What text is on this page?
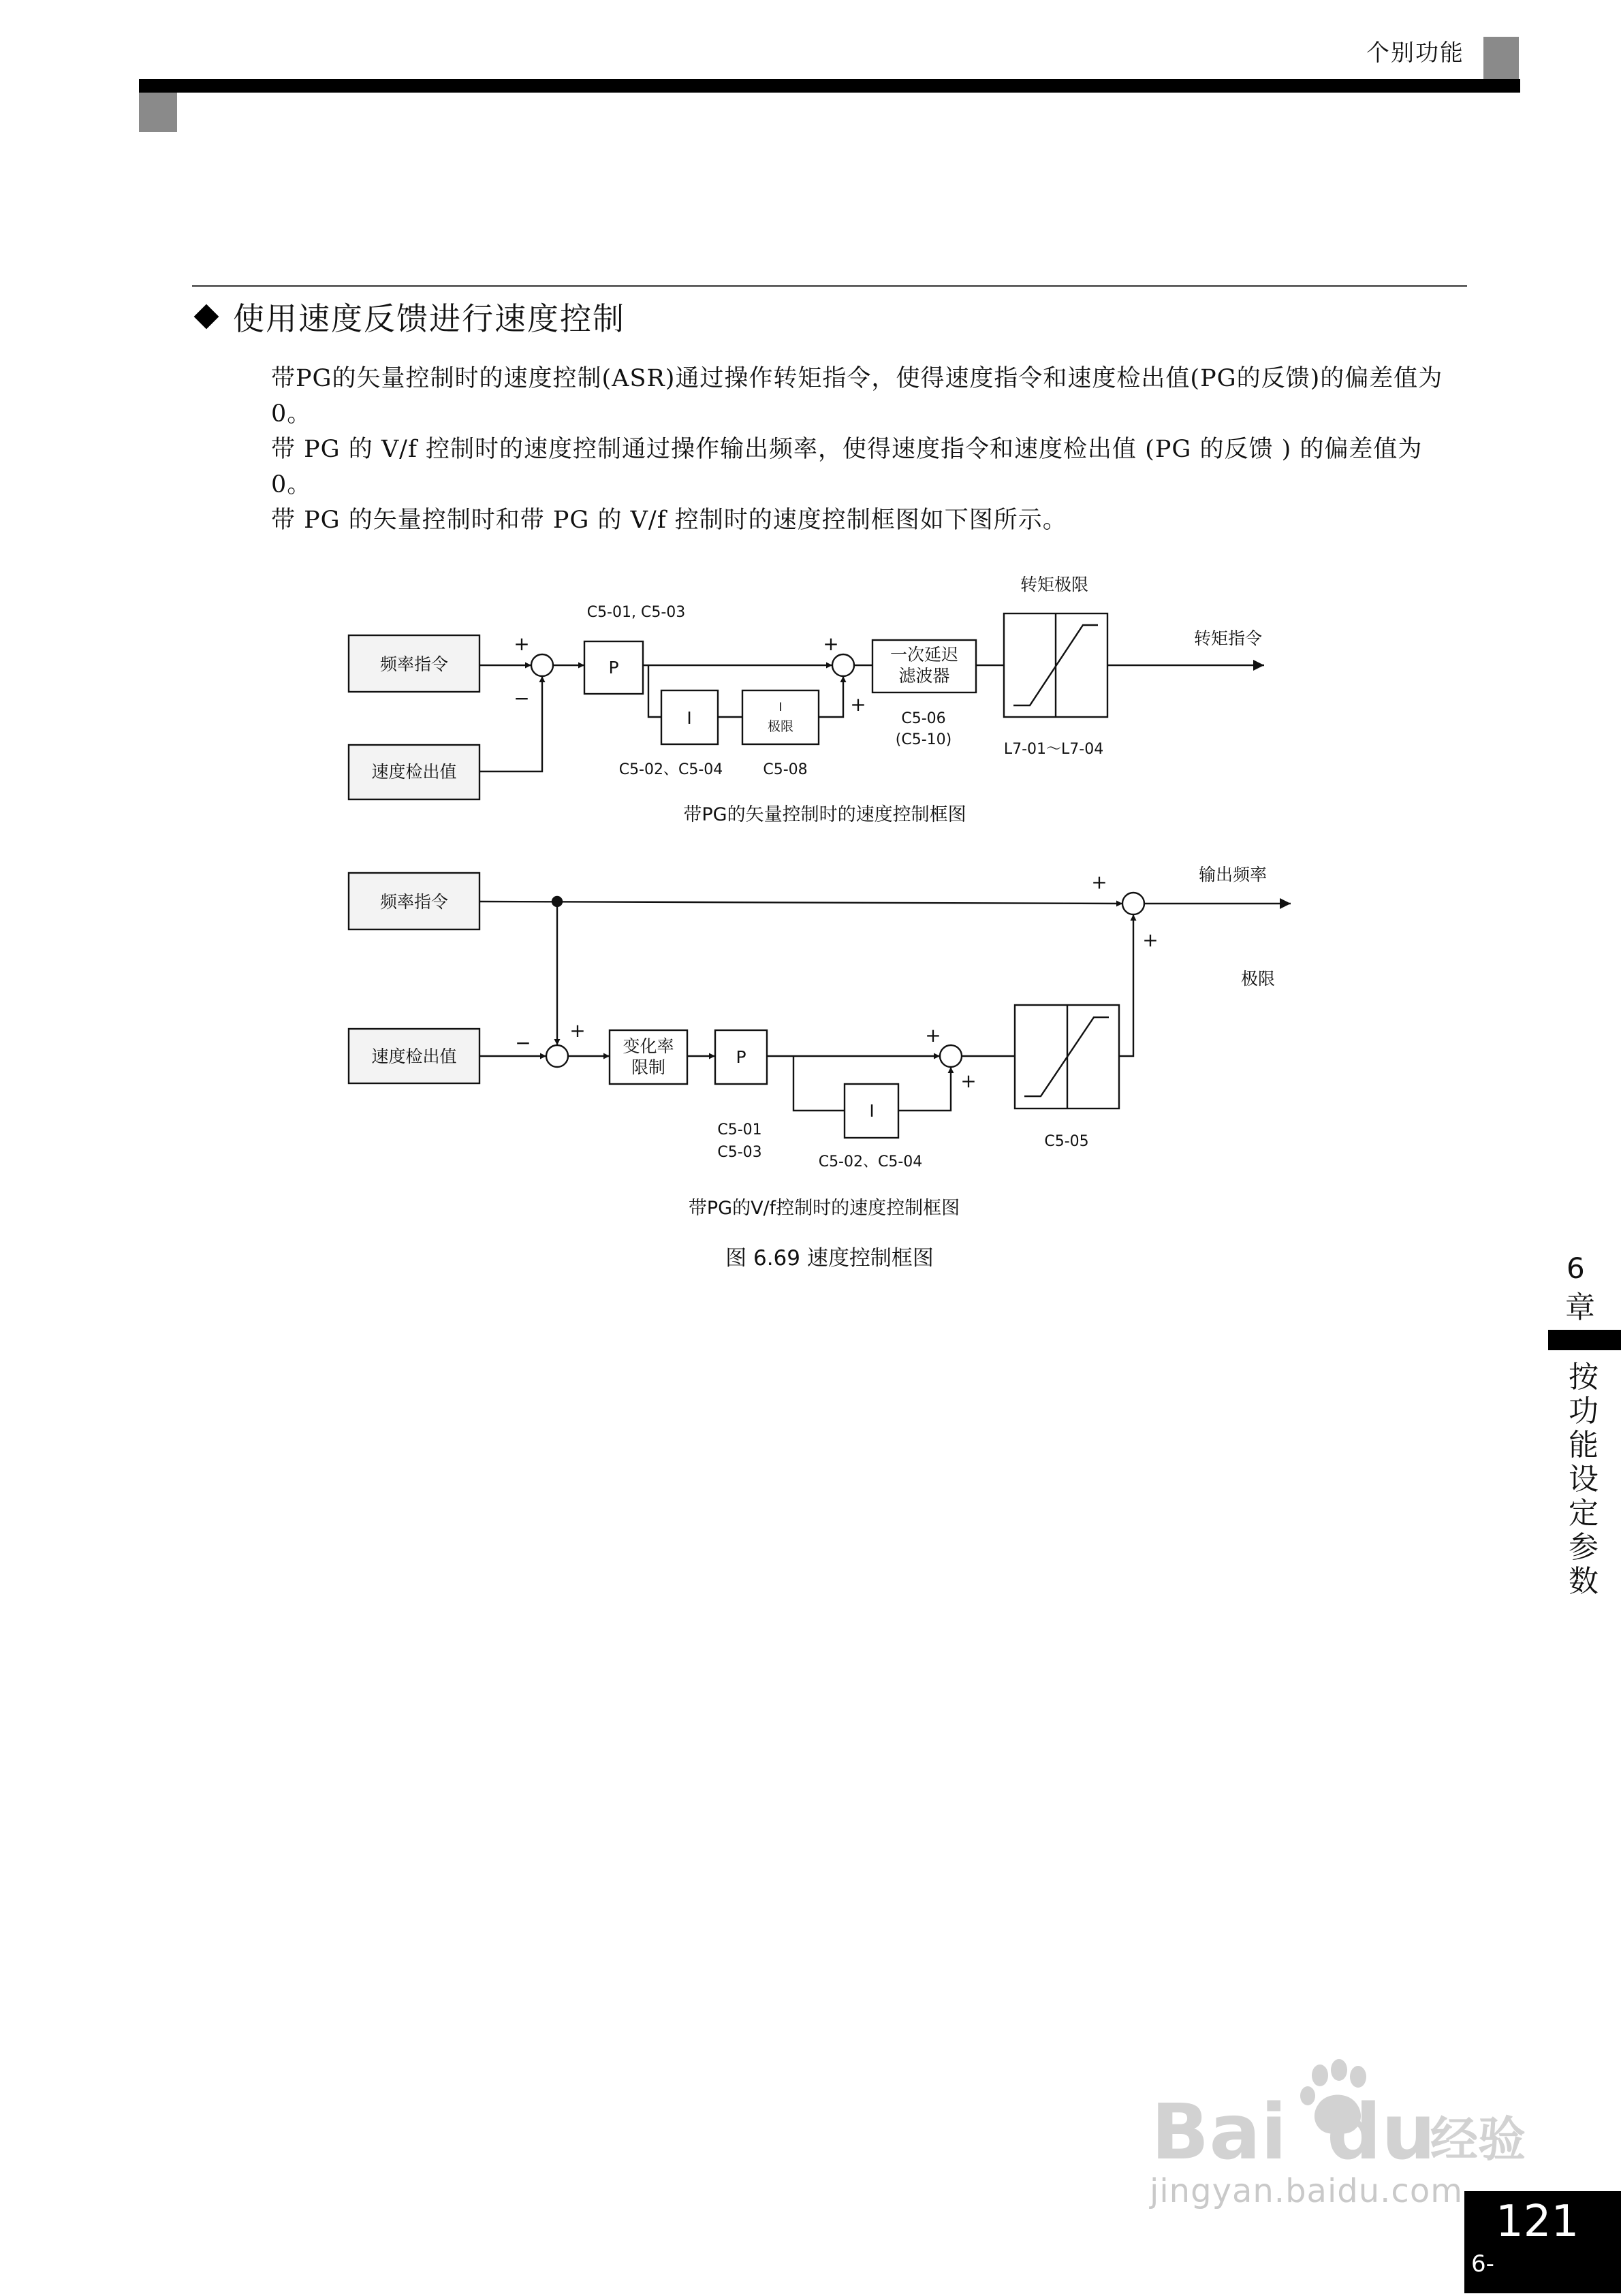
个别功能
使用速度反馈进行速度控制

带PG的矢量控制时的速度控制(ASR)通过操作转矩指令，使得速度指令和速度检出值(PG的反馈)的偏差值为0。

带 PG 的 V/f 控制时的速度控制通过操作输出频率，使得速度指令和速度检出值 (PG 的反馈 ) 的偏差值为 0。

带 PG 的矢量控制时和带 PG 的 V/f 控制时的速度控制框图如下图所示。

频率指令
速度检出值
P
I
I
极限
一次延迟
滤波器
转矩极限
转矩指令
C5-01, C5-03
C5-02、C5-04	C5-08
C5-06
(C5-10)
L7-01～L7-04
带PG的矢量控制时的速度控制框图
+
−
+
+
频率指令
速度检出值
变化率
限制
P
I
输出频率
极限
C5-01
C5-03
C5-02、C5-04
C5-05
带PG的V/f控制时的速度控制框图
图 6.69 速度控制框图
+
−	+
+
+
+
6
章
按功能设定参数
Bai du
经验
jingyan.baidu.com
6-
121
